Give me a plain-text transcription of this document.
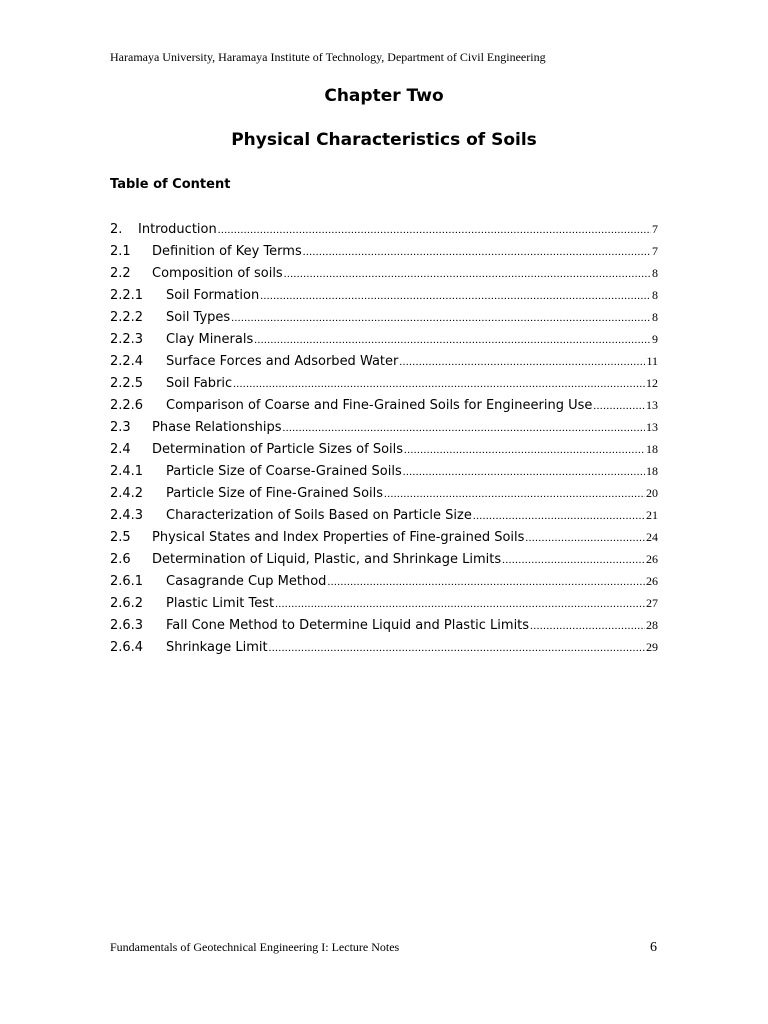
Haramaya University, Haramaya Institute of Technology, Department of Civil Engineering
Chapter Two
Physical Characteristics of Soils
Table of Content
2.	Introduction .....	7
2.1	Definition of Key Terms .....	7
2.2	Composition of soils .....	8
2.2.1	Soil Formation .....	8
2.2.2	Soil Types .....	8
2.2.3	Clay Minerals .....	9
2.2.4	Surface Forces and Adsorbed Water .....	11
2.2.5	Soil Fabric .....	12
2.2.6	Comparison of Coarse and Fine-Grained Soils for Engineering Use .....	13
2.3	Phase Relationships .....	13
2.4	Determination of Particle Sizes of Soils .....	18
2.4.1	Particle Size of Coarse-Grained Soils .....	18
2.4.2	Particle Size of Fine-Grained Soils .....	20
2.4.3	Characterization of Soils Based on Particle Size .....	21
2.5	Physical States and Index Properties of Fine-grained Soils .....	24
2.6	Determination of Liquid, Plastic, and Shrinkage Limits .....	26
2.6.1	Casagrande Cup Method .....	26
2.6.2	Plastic Limit Test .....	27
2.6.3	Fall Cone Method to Determine Liquid and Plastic Limits .....	28
2.6.4	Shrinkage Limit .....	29
Fundamentals of Geotechnical Engineering I: Lecture Notes	6
